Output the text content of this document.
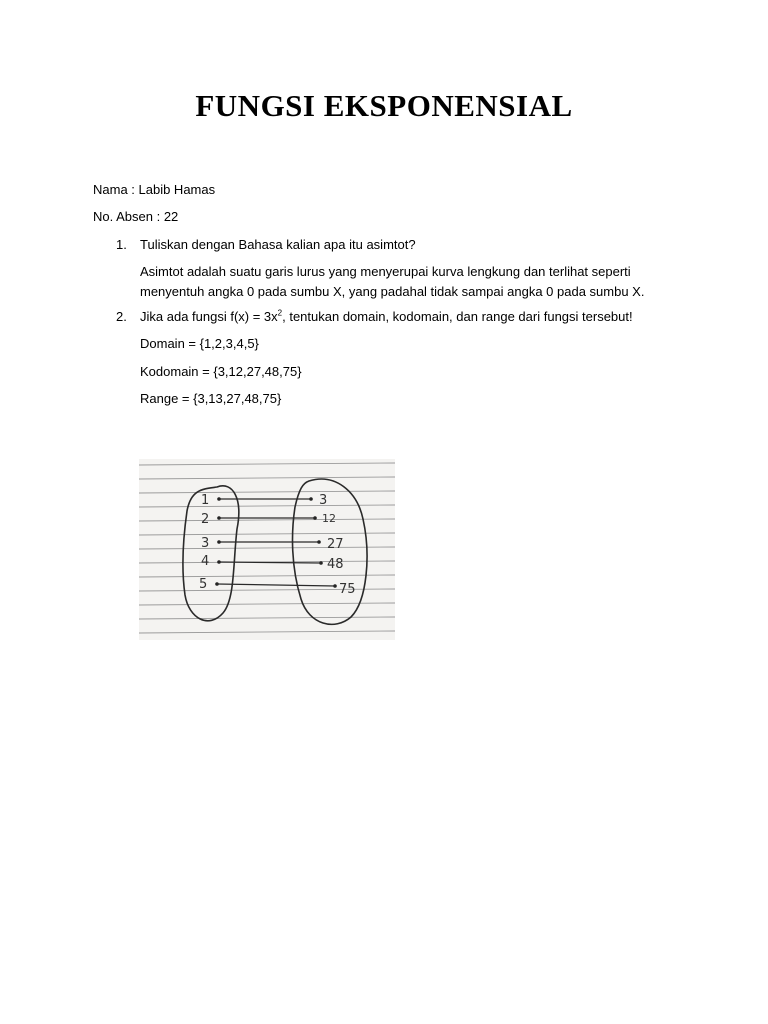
FUNGSI EKSPONENSIAL
Nama : Labib Hamas
No. Absen : 22
1. Tuliskan dengan Bahasa kalian apa itu asimtot?
Asimtot adalah suatu garis lurus yang menyerupai kurva lengkung dan terlihat seperti
menyentuh angka 0 pada sumbu X, yang padahal tidak sampai angka 0 pada sumbu X.
2. Jika ada fungsi $f(x) = 3x^2$, tentukan domain, kodomain, dan range dari fungsi tersebut!
Domain = {1,2,3,4,5}
Kodomain = {3,12,27,48,75}
Range = {3,13,27,48,75}
1
2
3
4
5
3
12
27
48
75
